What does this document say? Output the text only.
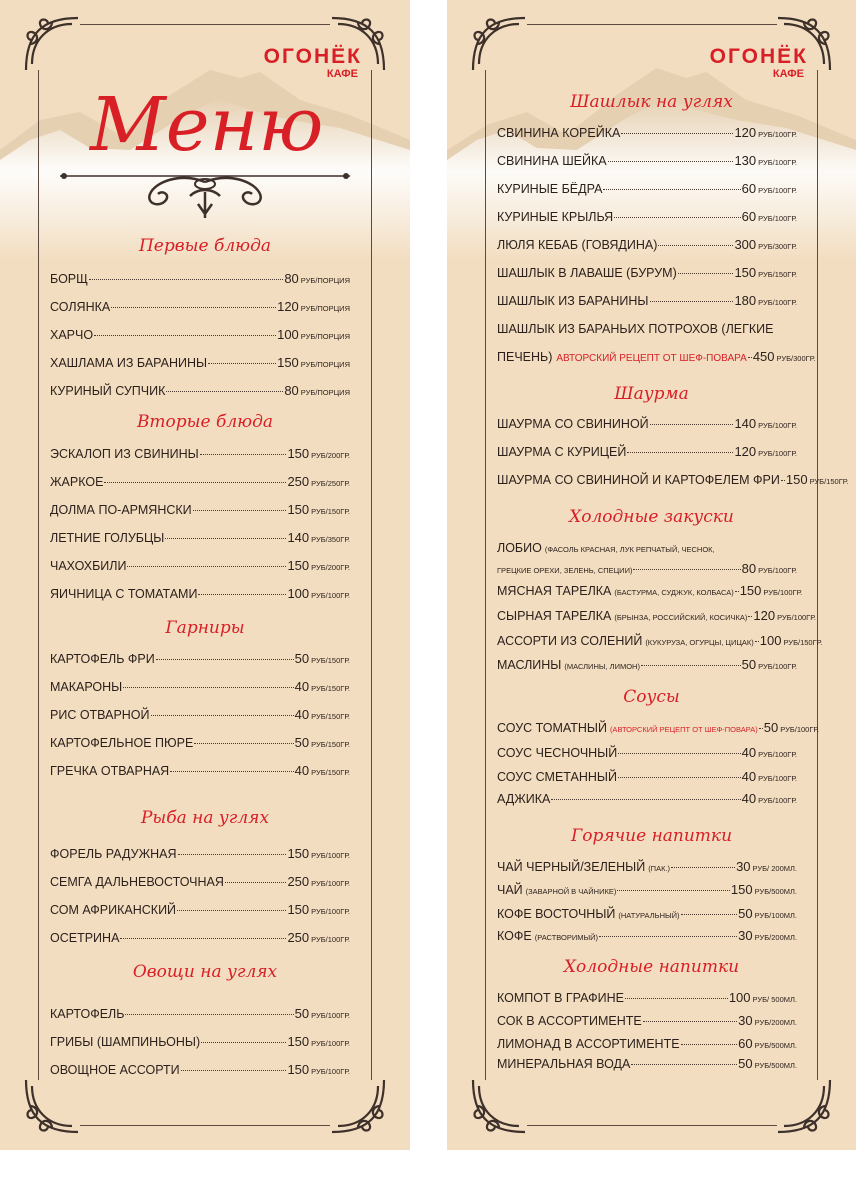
ОГОНЁК
КАФЕ
Меню
Первые блюда
БОРЩ	80 РУБ/ПОРЦИЯ
СОЛЯНКА	120 РУБ/ПОРЦИЯ
ХАРЧО	100 РУБ/ПОРЦИЯ
ХАШЛАМА ИЗ БАРАНИНЫ	150 РУБ/ПОРЦИЯ
КУРИНЫЙ СУПЧИК	80 РУБ/ПОРЦИЯ
Вторые блюда
ЭСКАЛОП ИЗ СВИНИНЫ	150 РУБ/200ГР.
ЖАРКОЕ	250 РУБ/250ГР.
ДОЛМА ПО-АРМЯНСКИ	150 РУБ/150ГР.
ЛЕТНИЕ ГОЛУБЦЫ	140 РУБ/350ГР.
ЧАХОХБИЛИ	150 РУБ/200ГР.
ЯИЧНИЦА С ТОМАТАМИ	100 РУБ/100ГР.
Гарниры
КАРТОФЕЛЬ ФРИ	50 РУБ/150ГР.
МАКАРОНЫ	40 РУБ/150ГР.
РИС ОТВАРНОЙ	40 РУБ/150ГР.
КАРТОФЕЛЬНОЕ ПЮРЕ	50 РУБ/150ГР.
ГРЕЧКА ОТВАРНАЯ	40 РУБ/150ГР.
Рыба на углях
ФОРЕЛЬ РАДУЖНАЯ	150 РУБ/100ГР.
СЕМГА ДАЛЬНЕВОСТОЧНАЯ	250 РУБ/100ГР.
СОМ АФРИКАНСКИЙ	150 РУБ/100ГР.
ОСЕТРИНА	250 РУБ/100ГР.
Овощи на углях
КАРТОФЕЛЬ	50 РУБ/100ГР.
ГРИБЫ (ШАМПИНЬОНЫ)	150 РУБ/100ГР.
ОВОЩНОЕ АССОРТИ	150 РУБ/100ГР.
ОГОНЁК
КАФЕ
Шашлык на углях
СВИНИНА КОРЕЙКА	120 РУБ/100ГР.
СВИНИНА ШЕЙКА	130 РУБ/100ГР.
КУРИНЫЕ БЁДРА	60 РУБ/100ГР.
КУРИНЫЕ КРЫЛЬЯ	60 РУБ/100ГР.
ЛЮЛЯ КЕБАБ (ГОВЯДИНА)	300 РУБ/300ГР.
ШАШЛЫК В ЛАВАШЕ (БУРУМ)	150 РУБ/150ГР.
ШАШЛЫК ИЗ БАРАНИНЫ	180 РУБ/100ГР.
ШАШЛЫК ИЗ БАРАНЬИХ ПОТРОХОВ (ЛЕГКИЕ
ПЕЧЕНЬ) АВТОРСКИЙ РЕЦЕПТ ОТ ШЕФ-ПОВАРА 450 РУБ/300ГР.
Шаурма
ШАУРМА СО СВИНИНОЙ	140 РУБ/100ГР.
ШАУРМА С КУРИЦЕЙ	120 РУБ/100ГР.
ШАУРМА СО СВИНИНОЙ И КАРТОФЕЛЕМ ФРИ 150 РУБ/150ГР.
Холодные закуски
ЛОБИО (ФАСОЛЬ КРАСНАЯ, ЛУК РЕПЧАТЫЙ, ЧЕСНОК,
ГРЕЦКИЕ ОРЕХИ, ЗЕЛЕНЬ, СПЕЦИИ)	80 РУБ/100ГР.
МЯСНАЯ ТАРЕЛКА (БАСТУРМА, СУДЖУК, КОЛБАСА) 150 РУБ/100ГР.
СЫРНАЯ ТАРЕЛКА (БРЫНЗА, РОССИЙСКИЙ, КОСИЧКА) 120 РУБ/100ГР.
АССОРТИ ИЗ СОЛЕНИЙ (КУКУРУЗА, ОГУРЦЫ, ЦИЦАК) 100 РУБ/150ГР.
МАСЛИНЫ (МАСЛИНЫ, ЛИМОН)	50 РУБ/100ГР.
Соусы
СОУС ТОМАТНЫЙ (АВТОРСКИЙ РЕЦЕПТ ОТ ШЕФ-ПОВАРА) 50 РУБ/100ГР.
СОУС ЧЕСНОЧНЫЙ	40 РУБ/100ГР.
СОУС СМЕТАННЫЙ	40 РУБ/100ГР.
АДЖИКА	40 РУБ/100ГР.
Горячие напитки
ЧАЙ ЧЕРНЫЙ/ЗЕЛЕНЫЙ (ПАК.)	30 РУБ/ 200МЛ.
ЧАЙ (ЗАВАРНОЙ В ЧАЙНИКЕ)	150 РУБ/500МЛ.
КОФЕ ВОСТОЧНЫЙ (НАТУРАЛЬНЫЙ)	50 РУБ/100МЛ.
КОФЕ (РАСТВОРИМЫЙ)	30 РУБ/200МЛ.
Холодные напитки
КОМПОТ В ГРАФИНЕ	100 РУБ/ 500МЛ.
СОК В АССОРТИМЕНТЕ	30 РУБ/200МЛ.
ЛИМОНАД В АССОРТИМЕНТЕ	60 РУБ/500МЛ.
МИНЕРАЛЬНАЯ ВОДА	50 РУБ/500МЛ.
